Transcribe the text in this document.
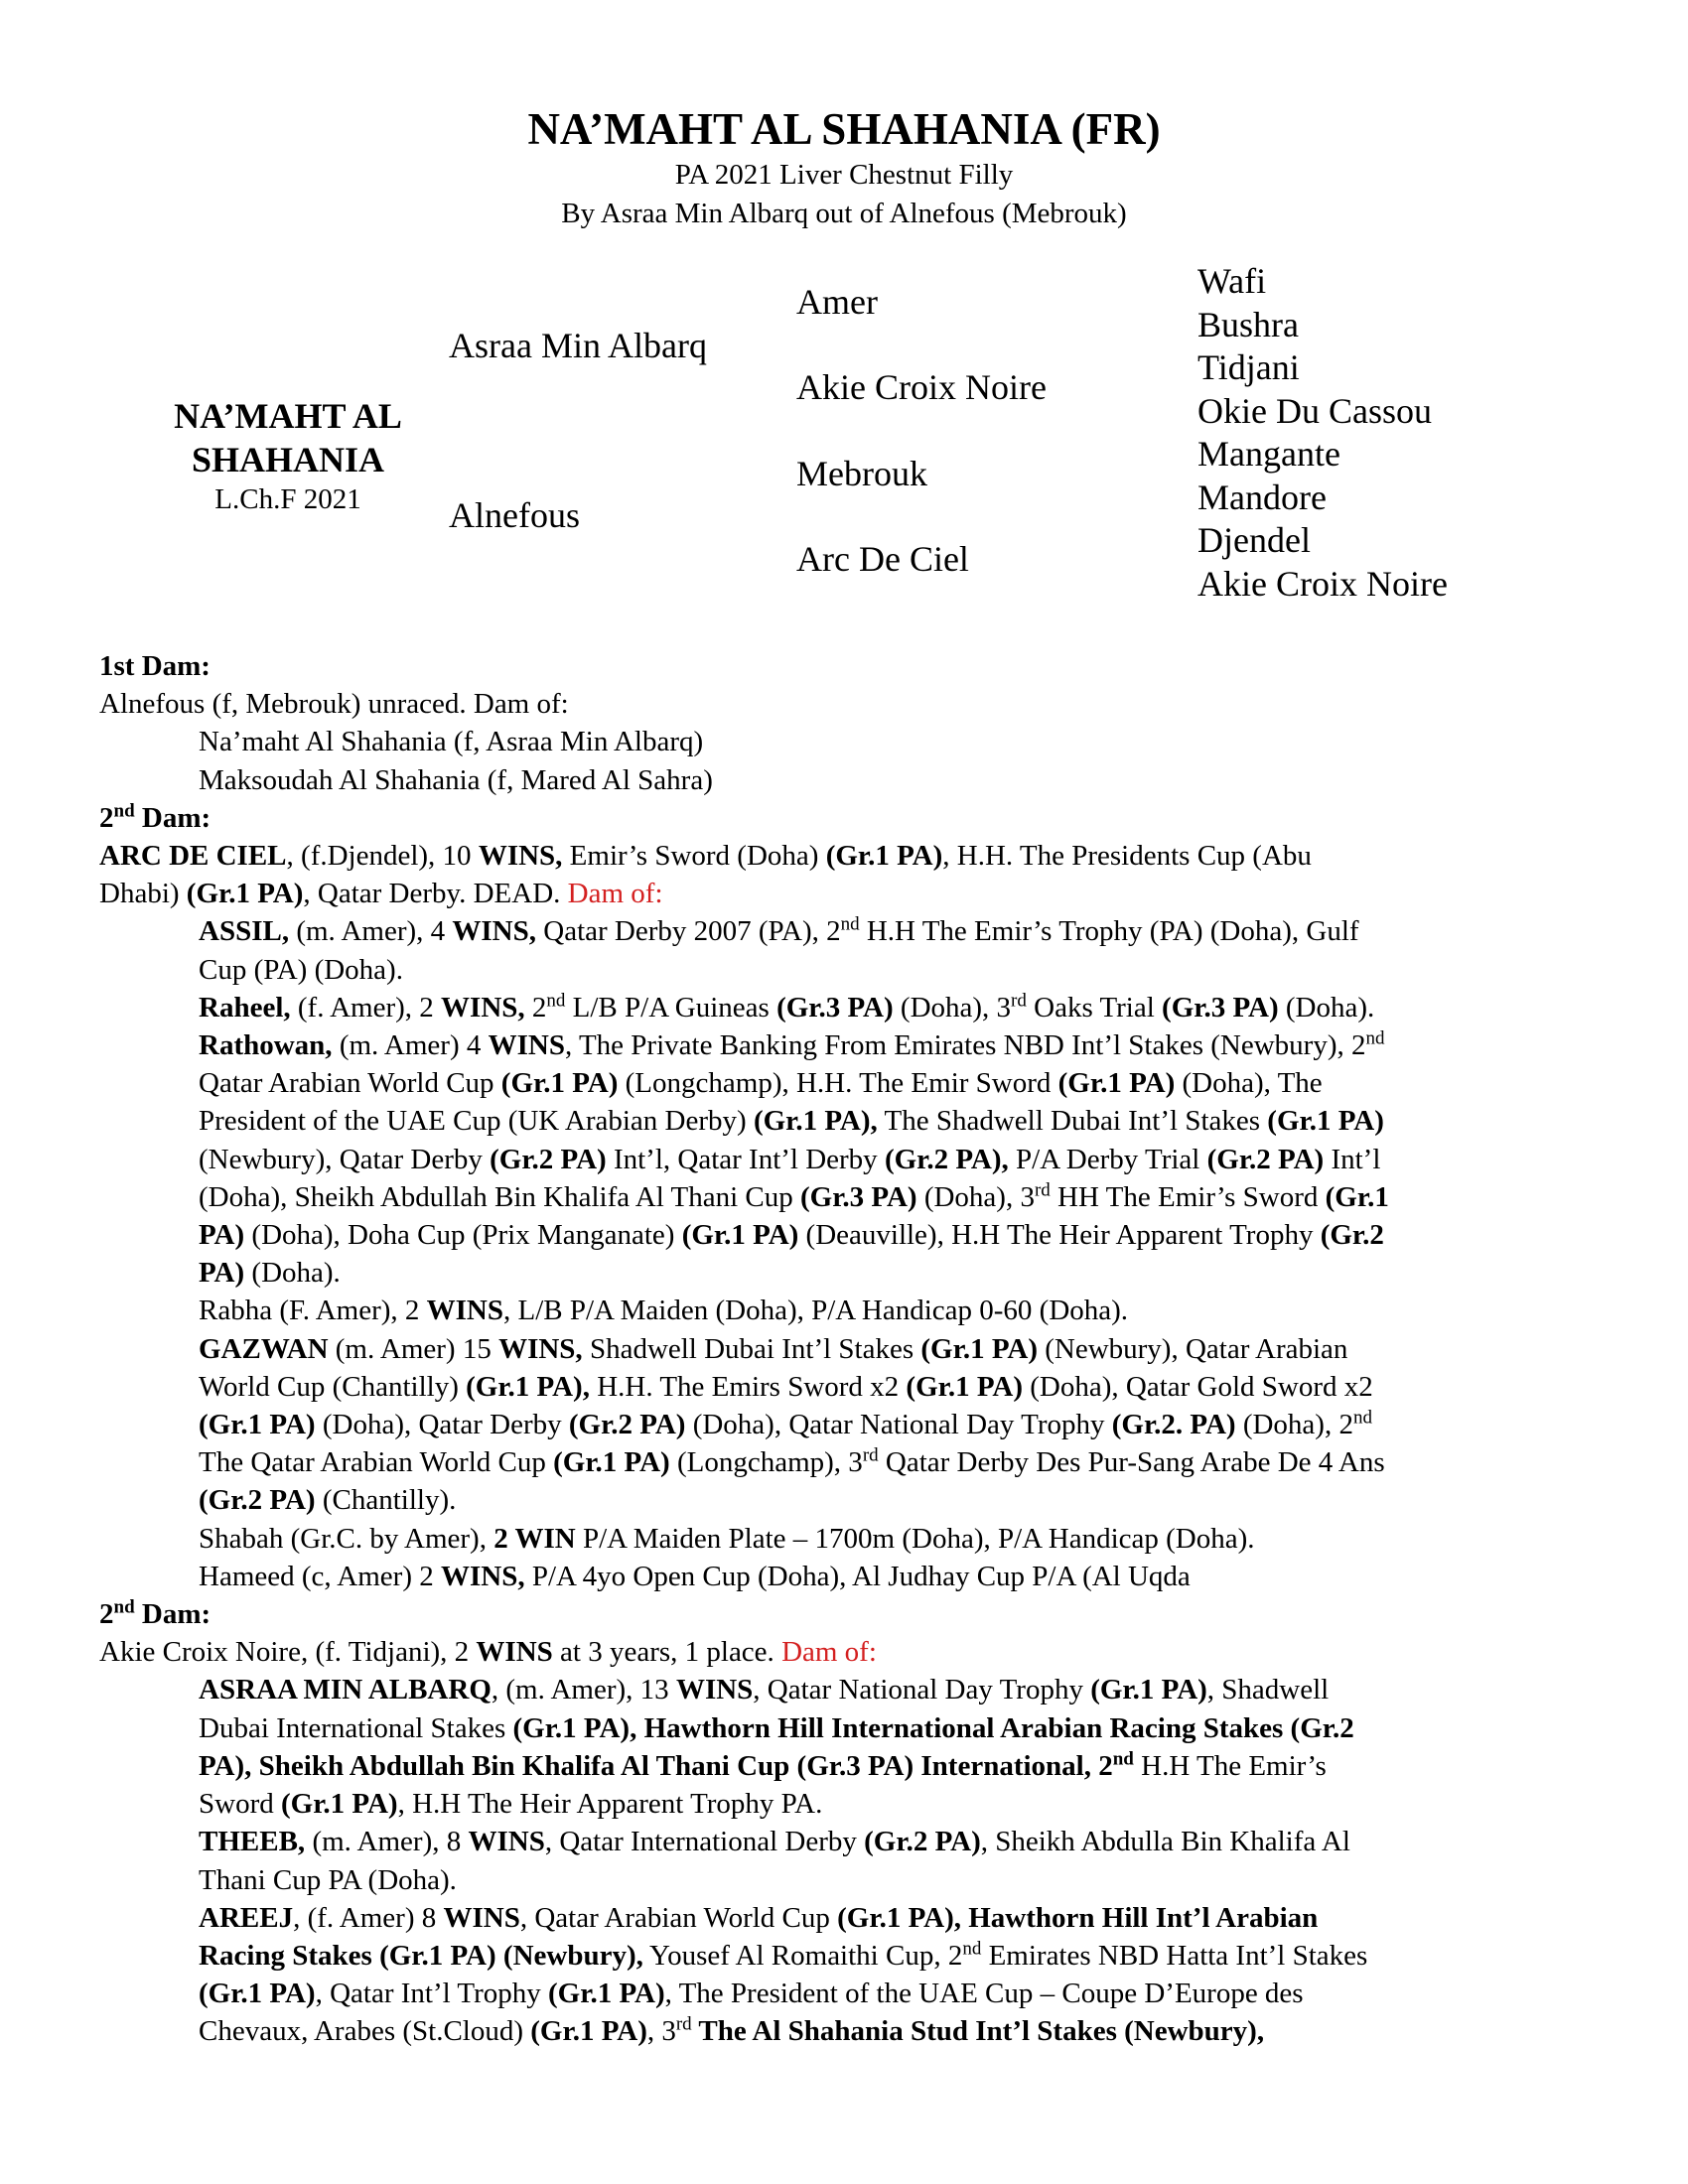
NA’MAHT AL SHAHANIA (FR)
PA 2021 Liver Chestnut Filly
By Asraa Min Albarq out of Alnefous (Mebrouk)
NA’MAHT AL
SHAHANIA
L.Ch.F 2021
Asraa Min Albarq
Alnefous
Amer
Akie Croix Noire
Mebrouk
Arc De Ciel
Wafi
Bushra
Tidjani
Okie Du Cassou
Mangante
Mandore
Djendel
Akie Croix Noire
1st Dam:
Alnefous (f, Mebrouk) unraced. Dam of:
Na’maht Al Shahania (f, Asraa Min Albarq)
Maksoudah Al Shahania (f, Mared Al Sahra)
2nd Dam:
ARC DE CIEL, (f.Djendel), 10 WINS, Emir’s Sword (Doha) (Gr.1 PA), H.H. The Presidents Cup (Abu
Dhabi) (Gr.1 PA), Qatar Derby. DEAD. Dam of:
ASSIL, (m. Amer), 4 WINS, Qatar Derby 2007 (PA), 2nd H.H The Emir’s Trophy (PA) (Doha), Gulf
Cup (PA) (Doha).
Raheel, (f. Amer), 2 WINS, 2nd L/B P/A Guineas (Gr.3 PA) (Doha), 3rd Oaks Trial (Gr.3 PA) (Doha).
Rathowan, (m. Amer) 4 WINS, The Private Banking From Emirates NBD Int’l Stakes (Newbury), 2nd
Qatar Arabian World Cup (Gr.1 PA) (Longchamp), H.H. The Emir Sword (Gr.1 PA) (Doha), The
President of the UAE Cup (UK Arabian Derby) (Gr.1 PA), The Shadwell Dubai Int’l Stakes (Gr.1 PA)
(Newbury), Qatar Derby (Gr.2 PA) Int’l, Qatar Int’l Derby (Gr.2 PA), P/A Derby Trial (Gr.2 PA) Int’l
(Doha), Sheikh Abdullah Bin Khalifa Al Thani Cup (Gr.3 PA) (Doha), 3rd HH The Emir’s Sword (Gr.1
PA) (Doha), Doha Cup (Prix Manganate) (Gr.1 PA) (Deauville), H.H The Heir Apparent Trophy (Gr.2
PA) (Doha).
Rabha (F. Amer), 2 WINS, L/B P/A Maiden (Doha), P/A Handicap 0-60 (Doha).
GAZWAN (m. Amer) 15 WINS, Shadwell Dubai Int’l Stakes (Gr.1 PA) (Newbury), Qatar Arabian
World Cup (Chantilly) (Gr.1 PA), H.H. The Emirs Sword x2 (Gr.1 PA) (Doha), Qatar Gold Sword x2
(Gr.1 PA) (Doha), Qatar Derby (Gr.2 PA) (Doha), Qatar National Day Trophy (Gr.2. PA) (Doha), 2nd
The Qatar Arabian World Cup (Gr.1 PA) (Longchamp), 3rd Qatar Derby Des Pur-Sang Arabe De 4 Ans
(Gr.2 PA) (Chantilly).
Shabah (Gr.C. by Amer), 2 WIN P/A Maiden Plate – 1700m (Doha), P/A Handicap (Doha).
Hameed (c, Amer) 2 WINS, P/A 4yo Open Cup (Doha), Al Judhay Cup P/A (Al Uqda
2nd Dam:
Akie Croix Noire, (f. Tidjani), 2 WINS at 3 years, 1 place. Dam of:
ASRAA MIN ALBARQ, (m. Amer), 13 WINS, Qatar National Day Trophy (Gr.1 PA), Shadwell
Dubai International Stakes (Gr.1 PA), Hawthorn Hill International Arabian Racing Stakes (Gr.2
PA), Sheikh Abdullah Bin Khalifa Al Thani Cup (Gr.3 PA) International, 2nd H.H The Emir’s
Sword (Gr.1 PA), H.H The Heir Apparent Trophy PA.
THEEB, (m. Amer), 8 WINS, Qatar International Derby (Gr.2 PA), Sheikh Abdulla Bin Khalifa Al
Thani Cup PA (Doha).
AREEJ, (f. Amer) 8 WINS, Qatar Arabian World Cup (Gr.1 PA), Hawthorn Hill Int’l Arabian
Racing Stakes (Gr.1 PA) (Newbury), Yousef Al Romaithi Cup, 2nd Emirates NBD Hatta Int’l Stakes
(Gr.1 PA), Qatar Int’l Trophy (Gr.1 PA), The President of the UAE Cup – Coupe D’Europe des
Chevaux, Arabes (St.Cloud) (Gr.1 PA), 3rd The Al Shahania Stud Int’l Stakes (Newbury),
